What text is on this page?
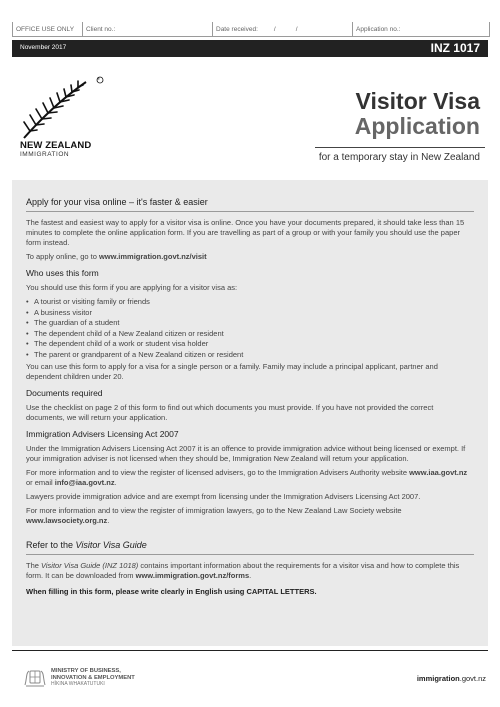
OFFICE USE ONLY	Client no.:	Date received:	/	/	Application no.:
November 2017	INZ 1017
®
NEW ZEALAND
IMMIGRATION
Visitor Visa
Application
for a temporary stay in New Zealand
Apply for your visa online – it's faster & easier

The fastest and easiest way to apply for a visitor visa is online. Once you have your documents prepared, it should take less than 15 minutes to complete the online application form. If you are travelling as part of a group or with your family you should use the paper form instead.

To apply online, go to www.immigration.govt.nz/visit

Who uses this form

You should use this form if you are applying for a visitor visa as:

• A tourist or visiting family or friends
• A business visitor
• The guardian of a student
• The dependent child of a New Zealand citizen or resident
• The dependent child of a work or student visa holder
• The parent or grandparent of a New Zealand citizen or resident

You can use this form to apply for a visa for a single person or a family. Family may include a principal applicant, partner and dependent children under 20.

Documents required

Use the checklist on page 2 of this form to find out which documents you must provide. If you have not provided the correct documents, we will return your application.

Immigration Advisers Licensing Act 2007

Under the Immigration Advisers Licensing Act 2007 it is an offence to provide immigration advice without being licensed or exempt. If your immigration adviser is not licensed when they should be, Immigration New Zealand will return your application.

For more information and to view the register of licensed advisers, go to the Immigration Advisers Authority website www.iaa.govt.nz or email info@iaa.govt.nz.

Lawyers provide immigration advice and are exempt from licensing under the Immigration Advisers Licensing Act 2007.

For more information and to view the register of immigration lawyers, go to the New Zealand Law Society website www.lawsociety.org.nz.

Refer to the Visitor Visa Guide

The Visitor Visa Guide (INZ 1018) contains important information about the requirements for a visitor visa and how to complete this form. It can be downloaded from www.immigration.govt.nz/forms.

When filling in this form, please write clearly in English using CAPITAL LETTERS.

MINISTRY OF BUSINESS,
INNOVATION & EMPLOYMENT
HĪKINA WHAKATUTUKI
immigration.govt.nz
